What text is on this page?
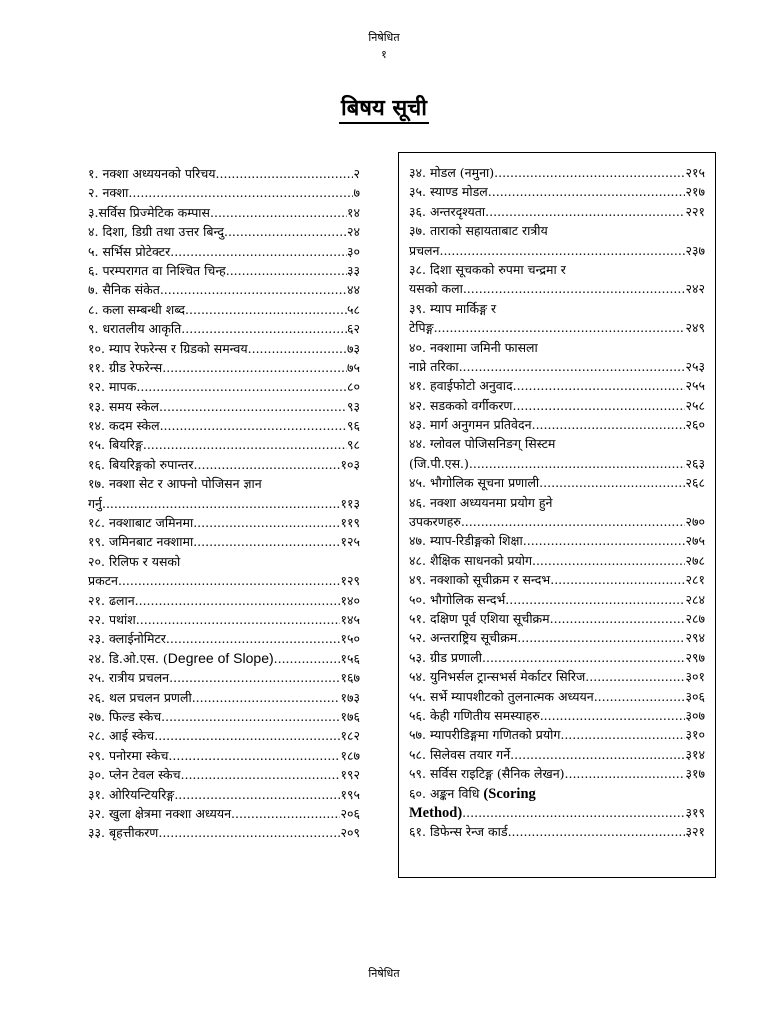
निषेधित
१
बिषय सूची
१. नक्शा अध्ययनको परिचय .....	२
२. नक्शा .....	७
३.सर्विस प्रिज्मेटिक कम्पास .....	१४
४. दिशा, डिग्री तथा उत्तर बिन्दु .....	२४
५. सर्भिस प्रोटेक्टर .....	३०
६. परम्परागत वा निश्चित चिन्ह .....	३३
७. सैनिक संकेत .....	४४
८. कला सम्बन्धी शब्द .....	५८
९. धरातलीय आकृति .....	६२
१०. म्याप रेफरेन्स र ग्रिडको समन्वय .....	७३
११. ग्रीड रेफरेन्स .....	७५
१२. मापक .....	८०
१३. समय स्केल .....	९३
१४. कदम स्केल .....	९६
१५. बियरिङ्ग .....	९८
१६. बियरिङ्गको रुपान्तर .....	१०३
१७. नक्शा सेट र आफ्नो पोजिसन ज्ञान
गर्नु .....	११३
१८. नक्शाबाट जमिनमा .....	११९
१९. जमिनबाट नक्शामा .....	१२५
२०. रिलिफ र यसको
प्रकटन .....	१२९
२१. ढलान .....	१४०
२२. पथांश .....	१४५
२३. क्लाईनोमिटर .....	१५०
२४. डि.ओ.एस. ( Degree of Slope) .....	१५६
२५. रात्रीय प्रचलन .....	१६७
२६. थल प्रचलन प्रणली .....	१७३
२७. फिल्ड स्केच .....	१७६
२८. आई स्केच .....	१८२
२९. पनोरमा स्केच .....	१८७
३०. प्लेन टेवल स्केच .....	१९२
३१. ओरियन्टियरिङ्ग .....	१९५
३२. खुला क्षेत्रमा नक्शा अध्ययन .....	२०६
३३. बृहत्तीकरण .....	२०९
३४. मोडल (नमुना) .....	२१५
३५. स्याण्ड मोडल .....	२१७
३६. अन्तरदृश्यता .....	२२१
३७. ताराको सहायताबाट रात्रीय
प्रचलन .....	२३७
३८. दिशा सूचकको रुपमा चन्द्रमा र
यसको कला .....	२४२
३९. म्याप मार्किङ्ग र
टेपिङ्ग .....	२४९
४०. नक्शामा जमिनी फासला
नाप्ने तरिका .....	२५३
४१. हवाईफोटो अनुवाद .....	२५५
४२. सडकको वर्गीकरण .....	२५८
४३. मार्ग अनुगमन प्रतिवेदन .....	२६०
४४. ग्लोवल पोजिसनिङग् सिस्टम
(जि.पी.एस.) .....	२६३
४५. भौगोलिक सूचना प्रणाली .....	२६८
४६. नक्शा अध्ययनमा प्रयोग हुने
उपकरणहरु .....	२७०
४७. म्याप-रिडीङ्गको शिक्षा .....	२७५
४८. शैक्षिक साधनको प्रयोग .....	२७८
४९. नक्शाको सूचीक्रम र सन्दभ .....	२८१
५०. भौगोलिक सन्दर्भ .....	२८४
५१. दक्षिण पूर्व एशिया सूचीक्रम .....	२८७
५२. अन्तराष्ट्रिय सूचीक्रम .....	२९४
५३. ग्रीड प्रणाली .....	२९७
५४. युनिभर्सल ट्रान्सभर्स मेर्काटर सिरिज .....	३०१
५५. सर्भे म्यापशीटको तुलनात्मक अध्ययन .....	३०६
५६. केही गणितीय समस्याहरु .....	३०७
५७. म्यापरीडिङ्गमा गणितको प्रयोग .....	३१०
५८. सिलेवस तयार गर्ने .....	३१४
५९. सर्विस राइटिङ्ग (सैनिक लेखन) .....	३१७
६०. अङ्कन विधि (Scoring
Method) .....	३१९
६१. डिफेन्स रेन्ज कार्ड .....	३२१
निषेधित
